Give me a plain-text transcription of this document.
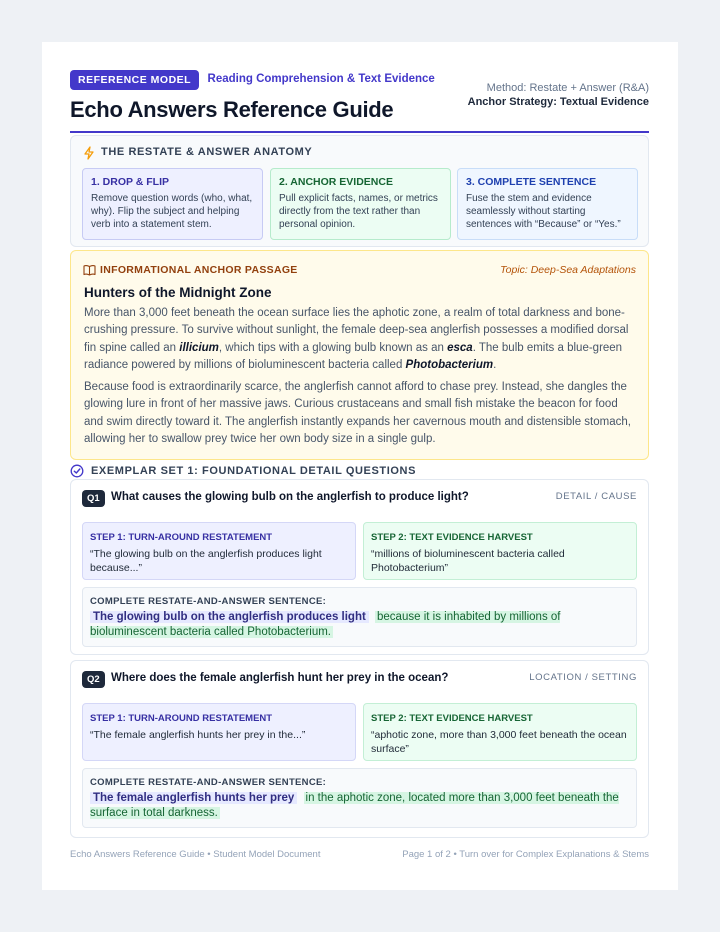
REFERENCE MODEL Reading Comprehension & Text Evidence
Echo Answers Reference Guide
Method: Restate + Answer (R&A)
Anchor Strategy: Textual Evidence
THE RESTATE & ANSWER ANATOMY
1. DROP & FLIP
Remove question words (who, what, why). Flip the subject and helping verb into a statement stem.
2. ANCHOR EVIDENCE
Pull explicit facts, names, or metrics directly from the text rather than personal opinion.
3. COMPLETE SENTENCE
Fuse the stem and evidence seamlessly without starting sentences with “Because” or “Yes.”
INFORMATIONAL ANCHOR PASSAGE	Topic: Deep-Sea Adaptations
Hunters of the Midnight Zone

More than 3,000 feet beneath the ocean surface lies the aphotic zone, a realm of total darkness and bone-crushing pressure. To survive without sunlight, the female deep-sea anglerfish possesses a modified dorsal fin spine called an illicium, which tips with a glowing bulb known as an esca. The bulb emits a blue-green radiance powered by millions of bioluminescent bacteria called Photobacterium.

Because food is extraordinarily scarce, the anglerfish cannot afford to chase prey. Instead, she dangles the glowing lure in front of her massive jaws. Curious crustaceans and small fish mistake the beacon for food and swim directly toward it. The anglerfish instantly expands her cavernous mouth and distensible stomach, allowing her to swallow prey twice her own body size in a single gulp.

EXEMPLAR SET 1: FOUNDATIONAL DETAIL QUESTIONS
Q1 What causes the glowing bulb on the anglerfish to produce light?	DETAIL / CAUSE
STEP 1: TURN-AROUND RESTATEMENT
“The glowing bulb on the anglerfish produces light because...”
STEP 2: TEXT EVIDENCE HARVEST
“millions of bioluminescent bacteria called Photobacterium”
COMPLETE RESTATE-AND-ANSWER SENTENCE:
The glowing bulb on the anglerfish produces light because it is inhabited by millions of bioluminescent bacteria called Photobacterium.
Q2 Where does the female anglerfish hunt her prey in the ocean?	LOCATION / SETTING
STEP 1: TURN-AROUND RESTATEMENT
“The female anglerfish hunts her prey in the...”
STEP 2: TEXT EVIDENCE HARVEST
“aphotic zone, more than 3,000 feet beneath the ocean surface”
COMPLETE RESTATE-AND-ANSWER SENTENCE:
The female anglerfish hunts her prey in the aphotic zone, located more than 3,000 feet beneath the surface in total darkness.
Echo Answers Reference Guide • Student Model Document	Page 1 of 2 • Turn over for Complex Explanations & Stems
